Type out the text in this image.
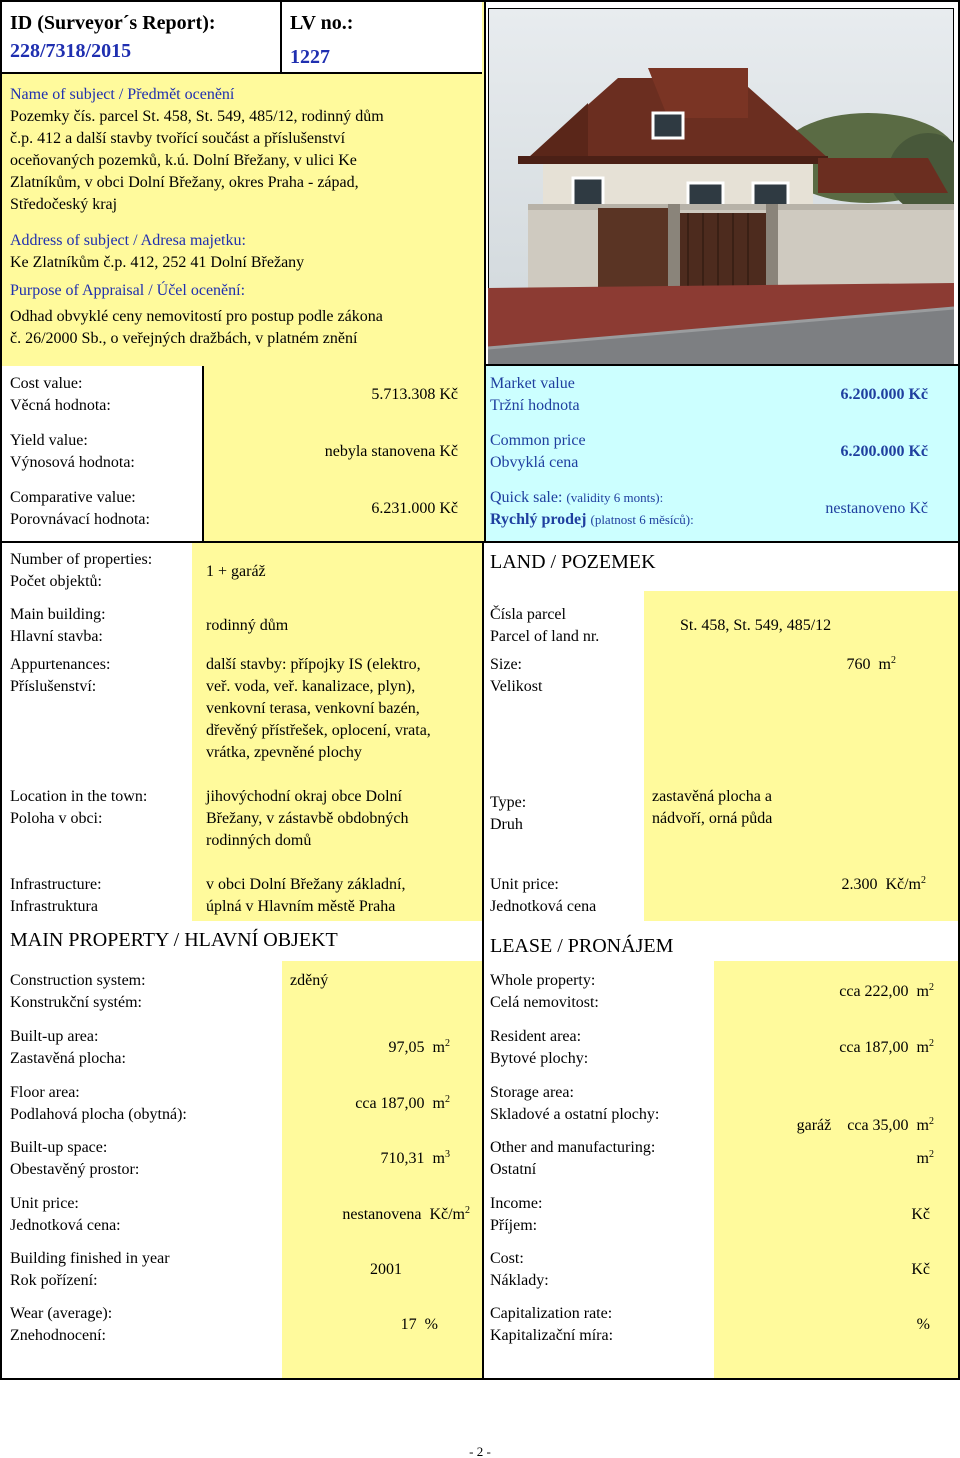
ID (Surveyor´s Report):
228/7318/2015
LV no.:
1227
Name of subject / Předmět ocenění
Pozemky čís. parcel St. 458, St. 549, 485/12, rodinný dům
č.p. 412 a další stavby tvořící součást a příslušenství
oceňovaných pozemků, k.ú. Dolní Břežany, v ulici Ke
Zlatníkům, v obci Dolní Břežany, okres Praha - západ,
Středočeský kraj
Address of subject / Adresa majetku:
Ke Zlatníkům č.p. 412, 252 41 Dolní Břežany
Purpose of Appraisal / Účel ocenění:
Odhad obvyklé ceny nemovitostí pro postup podle zákona
č. 26/2000 Sb., o veřejných dražbách, v platném znění
Cost value:
Věcná hodnota:
5.713.308 Kč
Yield value:
Výnosová hodnota:
nebyla stanovena Kč
Comparative value:
Porovnávací hodnota:
6.231.000 Kč
Market value
Tržní hodnota
6.200.000 Kč
Common price
Obvyklá cena
6.200.000 Kč
Quick sale: (validity 6 monts):
Rychlý prodej (platnost 6 měsíců):
nestanoveno Kč
Number of properties:
Počet objektů:
1 + garáž
Main building:
Hlavní stavba:
rodinný dům
Appurtenances:
Příslušenství:
další stavby: přípojky IS (elektro,
veř. voda, veř. kanalizace, plyn),
venkovní terasa, venkovní bazén,
dřevěný přístřešek, oplocení, vrata,
vrátka, zpevněné plochy
Location in the town:
Poloha v obci:
jihovýchodní okraj obce Dolní
Břežany, v zástavbě obdobných
rodinných domů
Infrastructure:
Infrastruktura
v obci Dolní Břežany základní,
úplná v Hlavním městě Praha
LAND / POZEMEK
Čísla parcel
Parcel of land nr.
St. 458, St. 549, 485/12
Size:
Velikost
760 $m^2$
Type:
Druh
zastavěná plocha a
nádvoří, orná půda
Unit price:
Jednotková cena
2.300 $Kč/m^2$
MAIN PROPERTY / HLAVNÍ OBJEKT
Construction system:
Konstrukční systém:
zděný
Built-up area:
Zastavěná plocha:
97,05 $m^2$
Floor area:
Podlahová plocha (obytná):
cca 187,00 $m^2$
Built-up space:
Obestavěný prostor:
710,31 $m^3$
Unit price:
Jednotková cena:
nestanovena $Kč/m^2$
Building finished in year
Rok pořízení:
2001
Wear (average):
Znehodnocení:
17 %
LEASE / PRONÁJEM
Whole property:
Celá nemovitost:
cca 222,00 $m^2$
Resident area:
Bytové plochy:
cca 187,00 $m^2$
Storage area:
Skladové a ostatní plochy:

garáž    cca 35,00 $m^2$

Other and manufacturing:
Ostatní
$m^2$
Income:
Příjem:
Kč
Cost:
Náklady:
Kč
Capitalization rate:
Kapitalizační míra:
%
- 2 -
